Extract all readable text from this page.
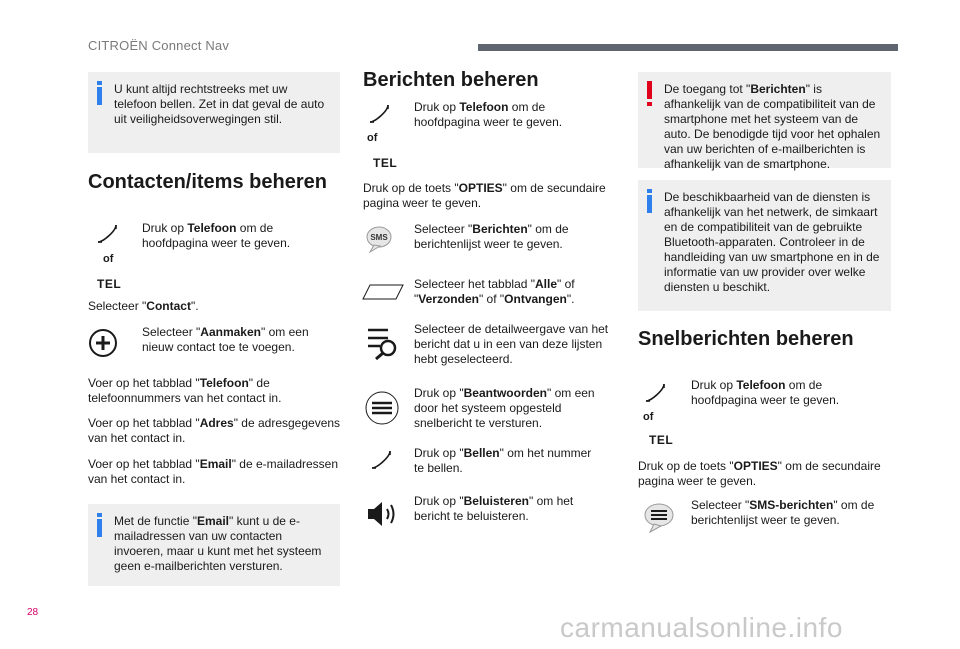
CITROËN Connect Nav
U kunt altijd rechtstreeks met uw telefoon bellen. Zet in dat geval de auto uit veiligheidsoverwegingen stil.
Contacten/items beheren
of
TEL
Druk op Telefoon om de hoofdpagina weer te geven.
Selecteer "Contact".
Selecteer "Aanmaken" om een nieuw contact toe te voegen.
Voer op het tabblad "Telefoon" de telefoonnummers van het contact in.
Voer op het tabblad "Adres" de adresgegevens van het contact in.
Voer op het tabblad "Email" de e-mailadressen van het contact in.
Met de functie "Email" kunt u de e-mailadressen van uw contacten invoeren, maar u kunt met het systeem geen e-mailberichten versturen.
Berichten beheren
of
TEL
Druk op Telefoon om de hoofdpagina weer te geven.
Druk op de toets "OPTIES" om de secundaire pagina weer te geven.
SMS
Selecteer "Berichten" om de berichtenlijst weer te geven.
Selecteer het tabblad "Alle" of "Verzonden" of "Ontvangen".
Selecteer de detailweergave van het bericht dat u in een van deze lijsten hebt geselecteerd.
Druk op "Beantwoorden" om een door het systeem opgesteld snelbericht te versturen.
Druk op "Bellen" om het nummer te bellen.
Druk op "Beluisteren" om het bericht te beluisteren.
De toegang tot "Berichten" is afhankelijk van de compatibiliteit van de smartphone met het systeem van de auto. De benodigde tijd voor het ophalen van uw berichten of e-mailberichten is afhankelijk van de smartphone.
De beschikbaarheid van de diensten is afhankelijk van het netwerk, de simkaart en de compatibiliteit van de gebruikte Bluetooth-apparaten. Controleer in de handleiding van uw smartphone en in de informatie van uw provider over welke diensten u beschikt.
Snelberichten beheren
of
TEL
Druk op Telefoon om de hoofdpagina weer te geven.
Druk op de toets "OPTIES" om de secundaire pagina weer te geven.
Selecteer "SMS-berichten" om de berichtenlijst weer te geven.
28	carmanualsonline.info
